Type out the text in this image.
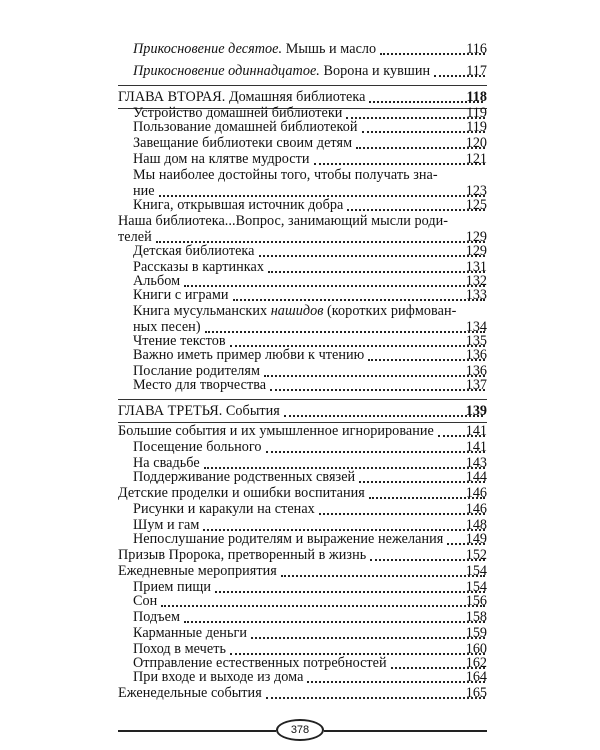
Прикосновение десятое. Мышь и масло	116
Прикосновение одиннадцатое. Ворона и кувшин	117
ГЛАВА ВТОРАЯ. Домашняя библиотека	118
Устройство домашней библиотеки	119
Пользование домашней библиотекой	119
Завещание библиотеки своим детям	120
Наш дом на клятве мудрости	121
Мы наиболее достойны того, чтобы получать зна-
ние	123
Книга, открывшая источник добра	125
Наша библиотека...Вопрос, занимающий мысли роди-
телей	129
Детская библиотека	129
Рассказы в картинках	131
Альбом	132
Книги с играми	133
Книга мусульманских нашидов (коротких рифмован-
ных песен)	134
Чтение текстов	135
Важно иметь пример любви к чтению	136
Послание родителям	136
Место для творчества	137
ГЛАВА ТРЕТЬЯ. События	139
Большие события и их умышленное игнорирование	141
Посещение больного	141
На свадьбе	143
Поддерживание родственных связей	144
Детские проделки и ошибки воспитания	146
Рисунки и каракули на стенах	146
Шум и гам	148
Непослушание родителям и выражение нежелания	149
Призыв Пророка, претворенный в жизнь	152
Ежедневные мероприятия	154
Прием пищи	154
Сон	156
Подъем	158
Карманные деньги	159
Поход в мечеть	160
Отправление естественных потребностей	162
При входе и выходе из дома	164
Еженедельные события	165
378
